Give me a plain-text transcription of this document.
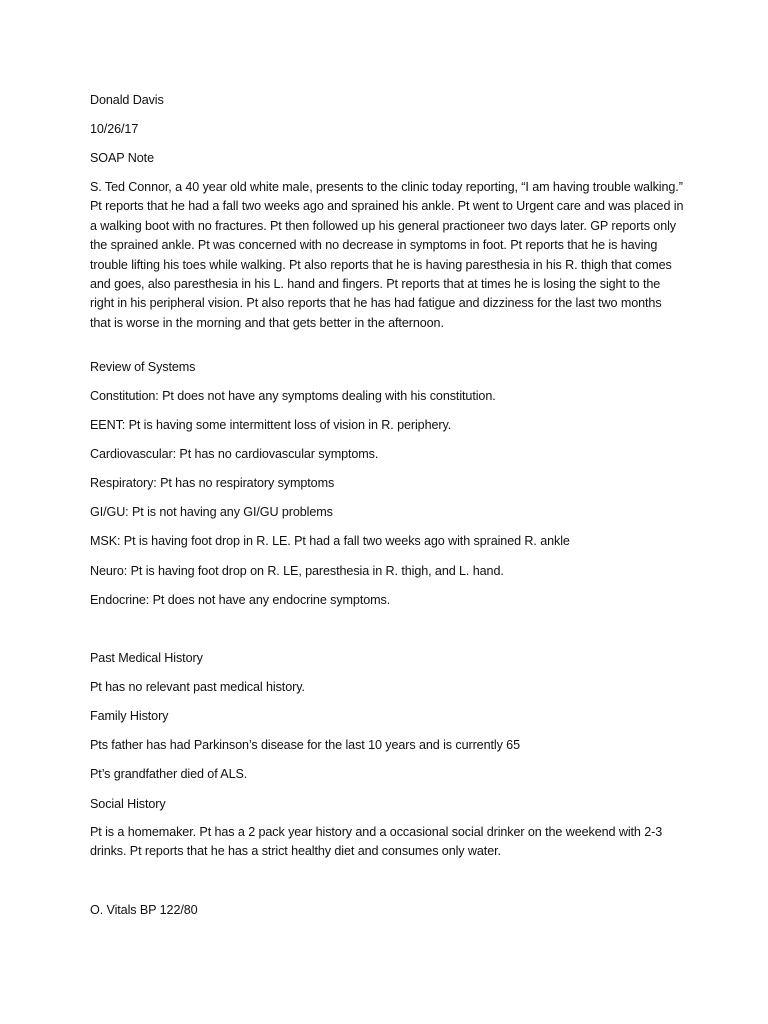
Donald Davis
10/26/17
SOAP Note
S. Ted Connor, a 40 year old white male, presents to the clinic today reporting, “I am having trouble walking.” Pt reports that he had a fall two weeks ago and sprained his ankle. Pt went to Urgent care and was placed in a walking boot with no fractures. Pt then followed up his general practioneer two days later. GP reports only the sprained ankle. Pt was concerned with no decrease in symptoms in foot. Pt reports that he is having trouble lifting his toes while walking. Pt also reports that he is having paresthesia in his R. thigh that comes and goes, also paresthesia in his L. hand and fingers. Pt reports that at times he is losing the sight to the right in his peripheral vision. Pt also reports that he has had fatigue and dizziness for the last two months that is worse in the morning and that gets better in the afternoon.
Review of Systems
Constitution: Pt does not have any symptoms dealing with his constitution.
EENT: Pt is having some intermittent loss of vision in R. periphery.
Cardiovascular: Pt has no cardiovascular symptoms.
Respiratory: Pt has no respiratory symptoms
GI/GU: Pt is not having any GI/GU problems
MSK: Pt is having foot drop in R. LE. Pt had a fall two weeks ago with sprained R. ankle
Neuro: Pt is having foot drop on R. LE, paresthesia in R. thigh, and L. hand.
Endocrine: Pt does not have any endocrine symptoms.
Past Medical History
Pt has no relevant past medical history.
Family History
Pts father has had Parkinson’s disease for the last 10 years and is currently 65
Pt’s grandfather died of ALS.
Social History
Pt is a homemaker. Pt has a 2 pack year history and a occasional social drinker on the weekend with 2-3 drinks. Pt reports that he has a strict healthy diet and consumes only water.
O. Vitals BP 122/80
